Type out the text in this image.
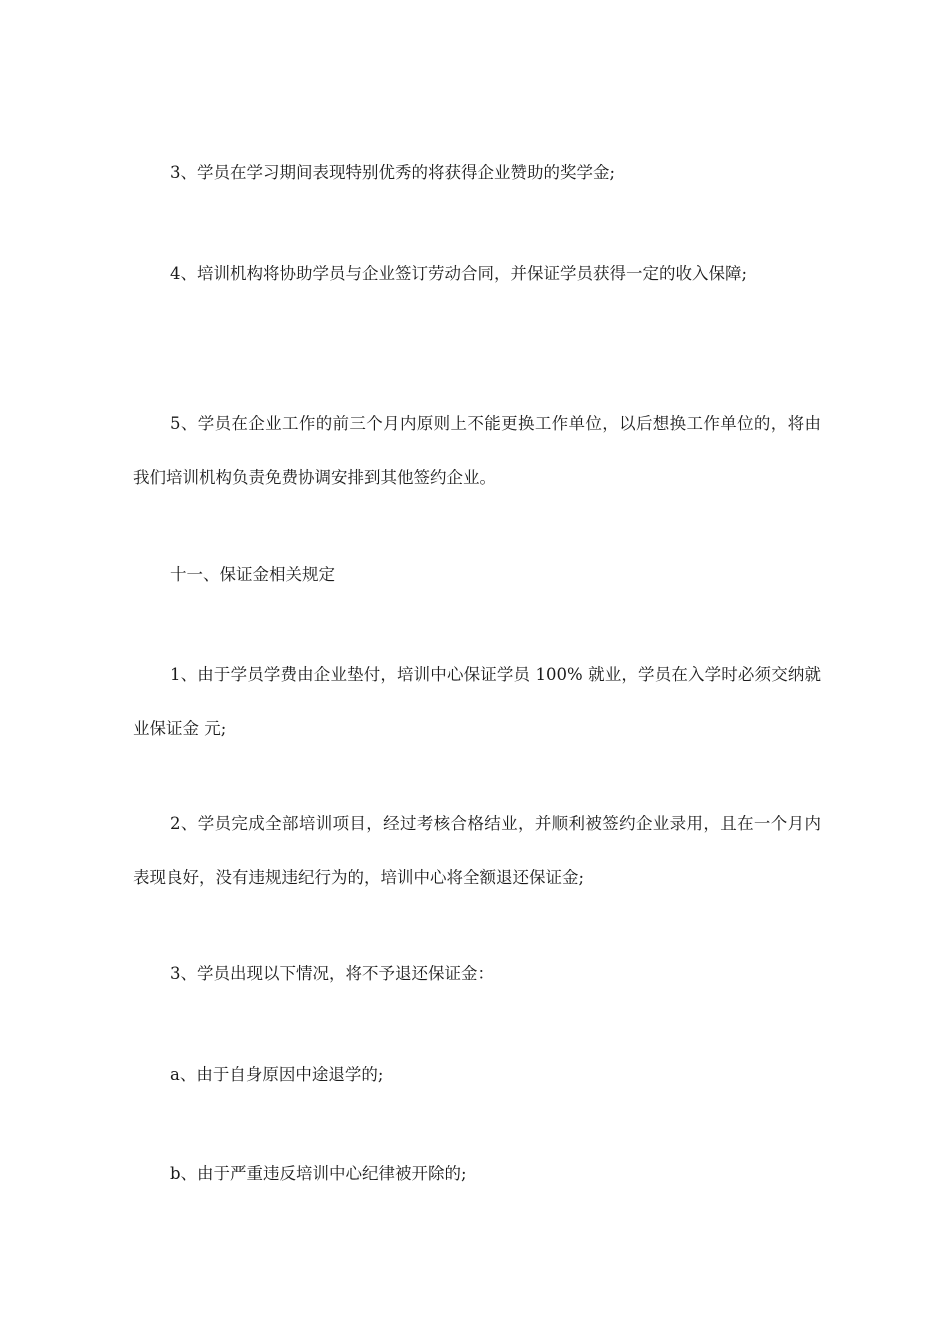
3、学员在学习期间表现特别优秀的将获得企业赞助的奖学金;

4、培训机构将协助学员与企业签订劳动合同，并保证学员获得一定的收入保障;

5、学员在企业工作的前三个月内原则上不能更换工作单位，以后想换工作单位的，将由我们培训机构负责免费协调安排到其他签约企业。

十一、保证金相关规定

1、由于学员学费由企业垫付，培训中心保证学员 100% 就业，学员在入学时必须交纳就业保证金 元;

2、学员完成全部培训项目，经过考核合格结业，并顺利被签约企业录用，且在一个月内表现良好，没有违规违纪行为的，培训中心将全额退还保证金;

3、学员出现以下情况，将不予退还保证金：

a、由于自身原因中途退学的;

b、由于严重违反培训中心纪律被开除的;
